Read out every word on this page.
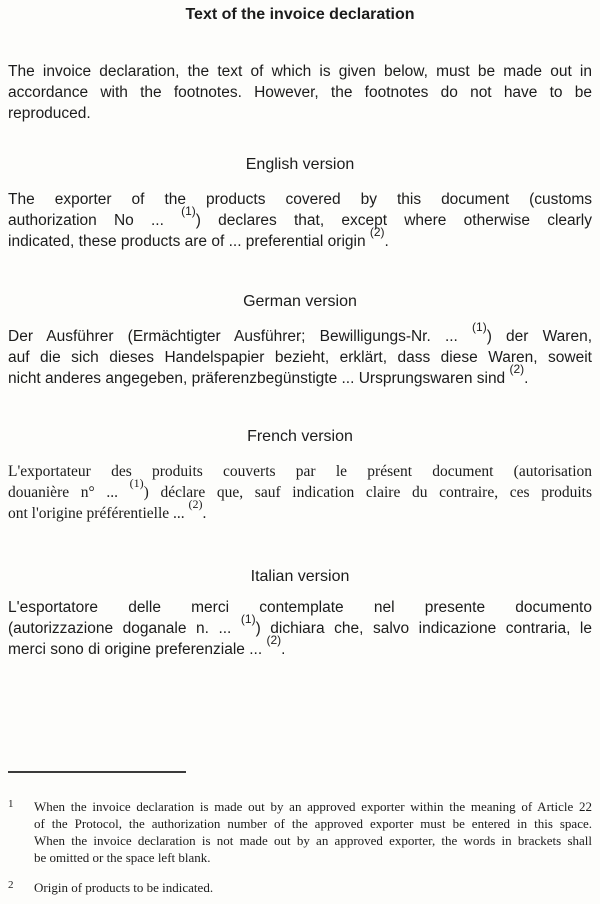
Text of the invoice declaration

The invoice declaration, the text of which is given below, must be made out in
accordance with the footnotes. However, the footnotes do not have to be
reproduced.

English version

The exporter of the products covered by this document (customs
authorization No ... $^{(1)}$) declares that, except where otherwise clearly
indicated, these products are of ... preferential origin $^{(2)}$.

German version

Der Ausführer (Ermächtigter Ausführer; Bewilligungs-Nr. ... $^{(1)}$) der Waren,
auf die sich dieses Handelspapier bezieht, erklärt, dass diese Waren, soweit
nicht anderes angegeben, präferenzbegünstigte ... Ursprungswaren sind $^{(2)}$.

French version

L'exportateur des produits couverts par le présent document (autorisation
douanière n° ... $^{(1)}$) déclare que, sauf indication claire du contraire, ces produits
ont l'origine préférentielle ... $^{(2)}$.

Italian version

L'esportatore delle merci contemplate nel presente documento
(autorizzazione doganale n. ... $^{(1)}$) dichiara che, salvo indicazione contraria, le
merci sono di origine preferenziale ... $^{(2)}$.

1	When the invoice declaration is made out by an approved exporter within the meaning of Article 22
of the Protocol, the authorization number of the approved exporter must be entered in this space.
When the invoice declaration is not made out by an approved exporter, the words in brackets shall
be omitted or the space left blank.
2	Origin of products to be indicated.
